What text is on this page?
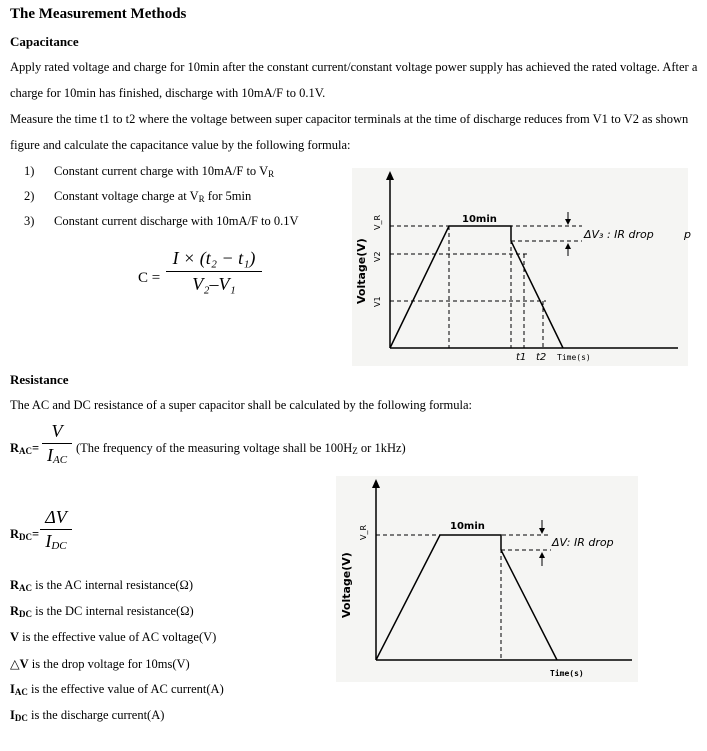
The Measurement Methods
Capacitance
Apply rated voltage and charge for 10min after the constant current/constant voltage power supply has achieved the rated voltage. After a
charge for 10min has finished, discharge with 10mA/F to 0.1V.
Measure the time t1 to t2 where the voltage between super capacitor terminals at the time of discharge reduces from V1 to V2 as shown
figure and calculate the capacitance value by the following formula:
1) Constant current charge with 10mA/F to $V_R$
2) Constant voltage charge at $V_R$ for 5min
3) Constant current discharge with 10mA/F to 0.1V
C =
I × (t₂ − t₁)
V₂–V₁
10min
ΔV₃ : IR drop	p
t1 t2 Time(s)
V_R
V2
V1
Voltage(V)
Resistance
The AC and DC resistance of a super capacitor shall be calculated by the following formula:
$R_{AC}=$
V
IAC
(The frequency of the measuring voltage shall be $100H_Z$ or 1kHz)
$R_{DC}=$
ΔV
IDC
$R_{AC}$ is the AC internal resistance(Ω)
$R_{DC}$ is the DC internal resistance(Ω)
V is the effective value of AC voltage(V)
△V is the drop voltage for 10ms(V)
$I_{AC}$ is the effective value of AC current(A)
$I_{DC}$ is the discharge current(A)
10min
ΔV: IR drop
Time(s)
V_R
Voltage(V)
